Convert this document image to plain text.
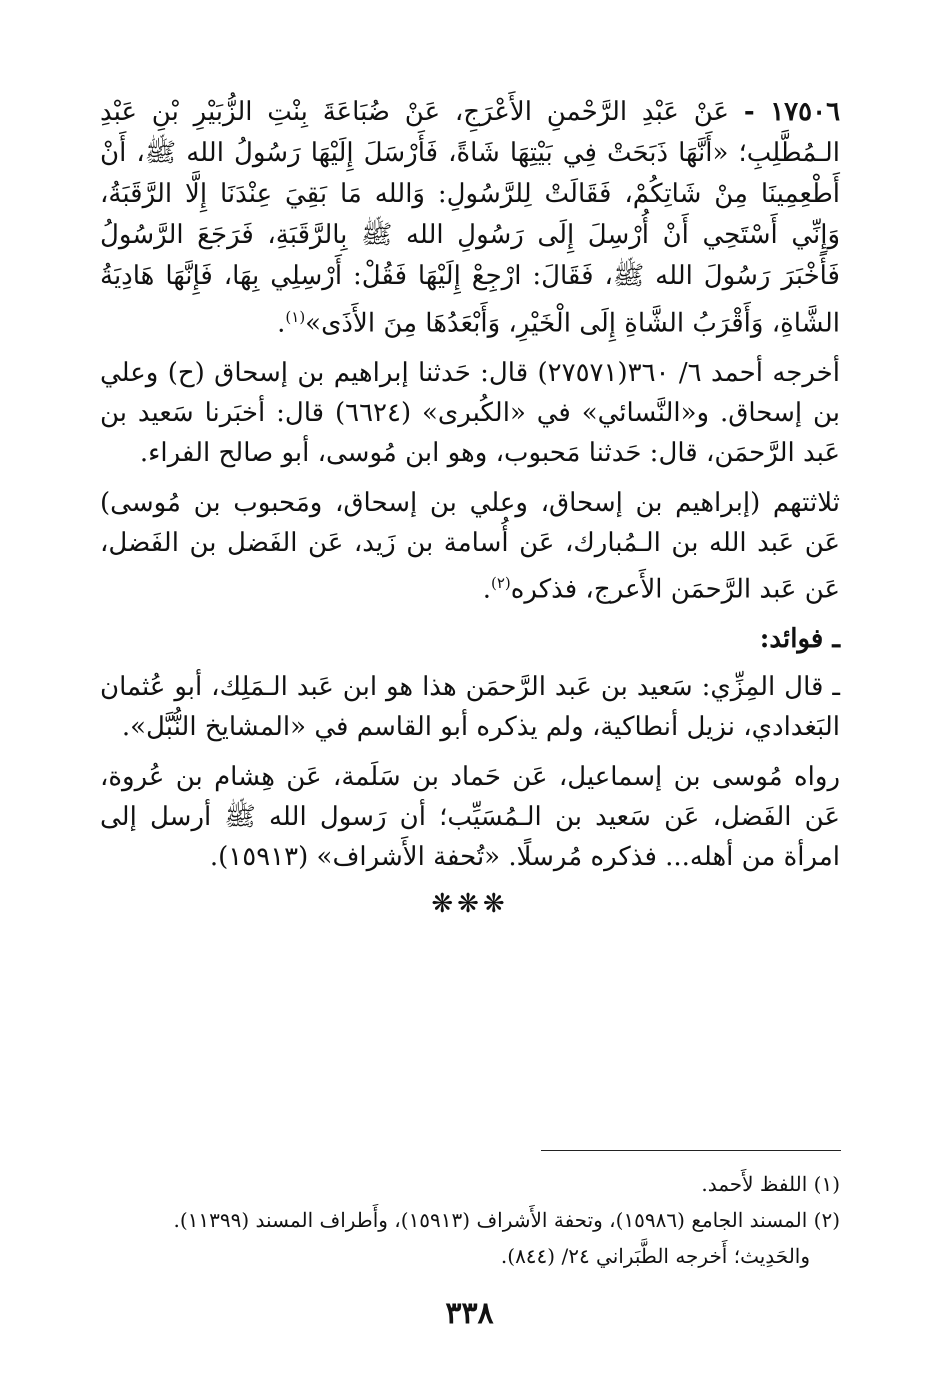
١٧٥٠٦ - عَنْ عَبْدِ الرَّحْمنِ الأَعْرَجِ، عَنْ ضُبَاعَةَ بِنْتِ الزُّبَيْرِ بْنِ عَبْدِ الـمُطَّلِبِ؛ «أَنَّهَا ذَبَحَتْ فِي بَيْتِهَا شَاةً، فَأَرْسَلَ إِلَيْهَا رَسُولُ الله ﷺ، أَنْ أَطْعِمِينَا مِنْ شَاتِكُمْ، فَقَالَتْ لِلرَّسُولِ: وَالله مَا بَقِيَ عِنْدَنَا إِلَّا الرَّقَبَةُ، وَإِنِّي أَسْتَحِي أَنْ أُرْسِلَ إِلَى رَسُولِ الله ﷺ بِالرَّقَبَةِ، فَرَجَعَ الرَّسُولُ فَأَخْبَرَ رَسُولَ الله ﷺ، فَقَالَ: ارْجِعْ إِلَيْهَا فَقُلْ: أَرْسِلِي بِهَا، فَإِنَّهَا هَادِيَةُ الشَّاةِ، وَأَقْرَبُ الشَّاةِ إِلَى الْخَيْرِ، وَأَبْعَدُهَا مِنَ الأَذَى»$^{(١)}$.

أخرجه أحمد ٦/ ٣٦٠(٢٧٥٧١) قال: حَدثنا إبراهيم بن إسحاق (ح) وعلي بن إسحاق. و«النَّسائي» في «الكُبرى» (٦٦٢٤) قال: أخبَرنا سَعيد بن عَبد الرَّحمَن، قال: حَدثنا مَحبوب، وهو ابن مُوسى، أبو صالح الفراء.

ثلاثتهم (إبراهيم بن إسحاق، وعلي بن إسحاق، ومَحبوب بن مُوسى) عَن عَبد الله بن الـمُبارك، عَن أُسامة بن زَيد، عَن الفَضل بن الفَضل، عَن عَبد الرَّحمَن الأَعرج، فذكره$^{(٢)}$.

ـ فوائد:

ـ قال المِزِّي: سَعيد بن عَبد الرَّحمَن هذا هو ابن عَبد الـمَلِك، أبو عُثمان البَغدادي، نزيل أنطاكية، ولم يذكره أبو القاسم في «المشايخ النُّبَّل».

رواه مُوسى بن إسماعيل، عَن حَماد بن سَلَمة، عَن هِشام بن عُروة، عَن الفَضل، عَن سَعيد بن الـمُسَيِّب؛ أن رَسول الله ﷺ أرسل إلى امرأة من أهله... فذكره مُرسلًا. «تُحفة الأَشراف» (١٥٩١٣).

❋❋❋

(١) اللفظ لأَحمد.

(٢) المسند الجامع (١٥٩٨٦)، وتحفة الأَشراف (١٥٩١٣)، وأَطراف المسند (١١٣٩٩).

والحَدِيث؛ أَخرجه الطَّبَراني ٢٤/ (٨٤٤).

٣٣٨
